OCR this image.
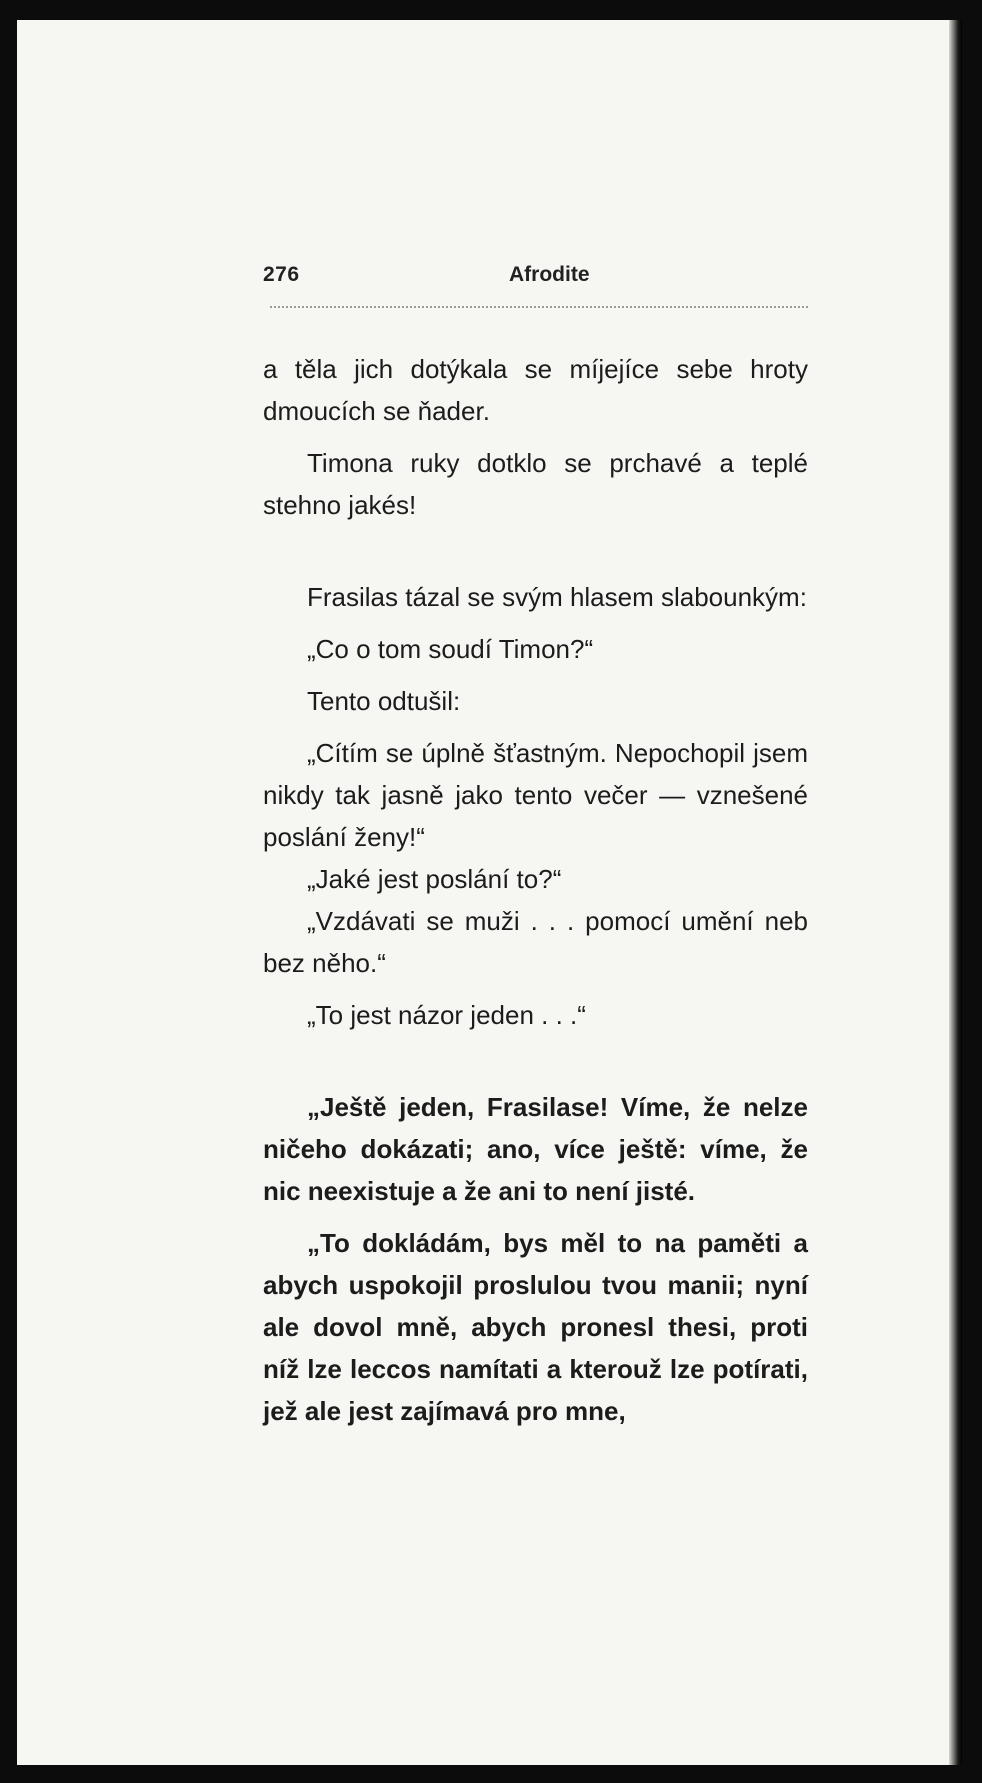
276	Afrodite

a těla jich dotýkala se míjejíce sebe hroty dmoucích se ňader.

Timona ruky dotklo se prchavé a teplé stehno jakés!

Frasilas tázal se svým hlasem slabounkým:

„Co o tom soudí Timon?“

Tento odtušil:

„Cítím se úplně šťastným. Nepochopil jsem nikdy tak jasně jako tento večer — vznešené poslání ženy!“

„Jaké jest poslání to?“

„Vzdávati se muži . . . pomocí umění neb bez něho.“

„To jest názor jeden . . .“

„Ještě jeden, Frasilase! Víme, že nelze ničeho dokázati; ano, více ještě: víme, že nic neexistuje a že ani to není jisté.

„To dokládám, bys měl to na paměti a abych uspokojil proslulou tvou manii; nyní ale dovol mně, abych pronesl thesi, proti níž lze leccos namítati a kterouž lze potírati, jež ale jest zajímavá pro mne,
